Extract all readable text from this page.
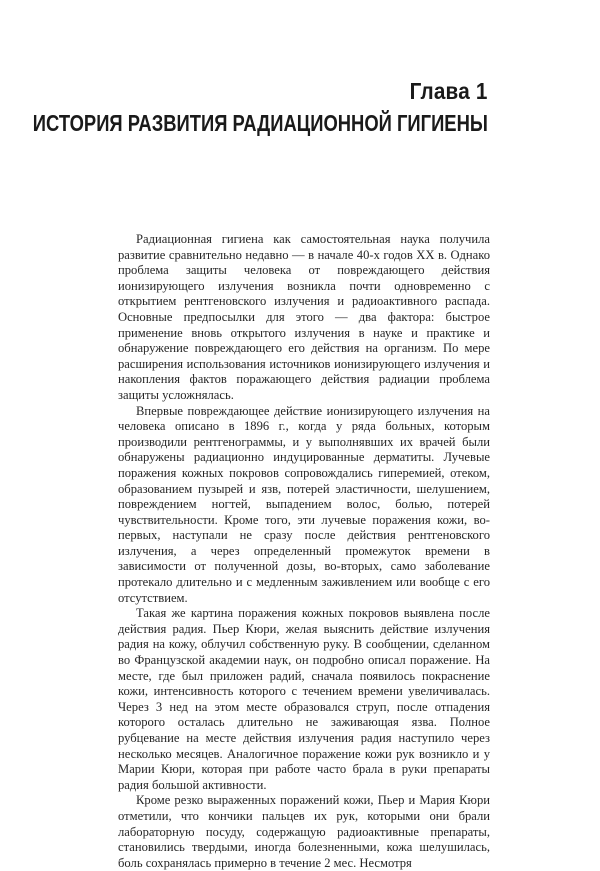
Глава 1
ИСТОРИЯ РАЗВИТИЯ РАДИАЦИОННОЙ ГИГИЕНЫ

Радиационная гигиена как самостоятельная наука получила развитие сравнительно недавно — в начале 40-х годов XX в. Однако проблема защиты человека от повреждающего действия ионизирующего излучения возникла почти одновременно с открытием рентгеновского излучения и радиоактивного распада. Основные предпосылки для этого — два фактора: быстрое применение вновь открытого излучения в науке и практике и обнаружение повреждающего его действия на организм. По мере расширения использования источников ионизирующего излучения и накопления фактов поражающего действия радиации проблема защиты усложнялась.

Впервые повреждающее действие ионизирующего излучения на человека описано в 1896 г., когда у ряда больных, которым производили рентгенограммы, и у выполнявших их врачей были обнаружены радиационно индуцированные дерматиты. Лучевые поражения кожных покровов сопровождались гиперемией, отеком, образованием пузырей и язв, потерей эластичности, шелушением, повреждением ногтей, выпадением волос, болью, потерей чувствительности. Кроме того, эти лучевые поражения кожи, во-первых, наступали не сразу после действия рентгеновского излучения, а через определенный промежуток времени в зависимости от полученной дозы, во-вторых, само заболевание протекало длительно и с медленным заживлением или вообще с его отсутствием.

Такая же картина поражения кожных покровов выявлена после действия радия. Пьер Кюри, желая выяснить действие излучения радия на кожу, облучил собственную руку. В сообщении, сделанном во Французской академии наук, он подробно описал поражение. На месте, где был приложен радий, сначала появилось покраснение кожи, интенсивность которого с течением времени увеличивалась. Через 3 нед на этом месте образовался струп, после отпадения которого осталась длительно не заживающая язва. Полное рубцевание на месте действия излучения радия наступило через несколько месяцев. Аналогичное поражение кожи рук возникло и у Марии Кюри, которая при работе часто брала в руки препараты радия большой активности.

Кроме резко выраженных поражений кожи, Пьер и Мария Кюри отметили, что кончики пальцев их рук, которыми они брали лабораторную посуду, содержащую радиоактивные препараты, становились твердыми, иногда болезненными, кожа шелушилась, боль сохранялась примерно в течение 2 мес. Несмотря
